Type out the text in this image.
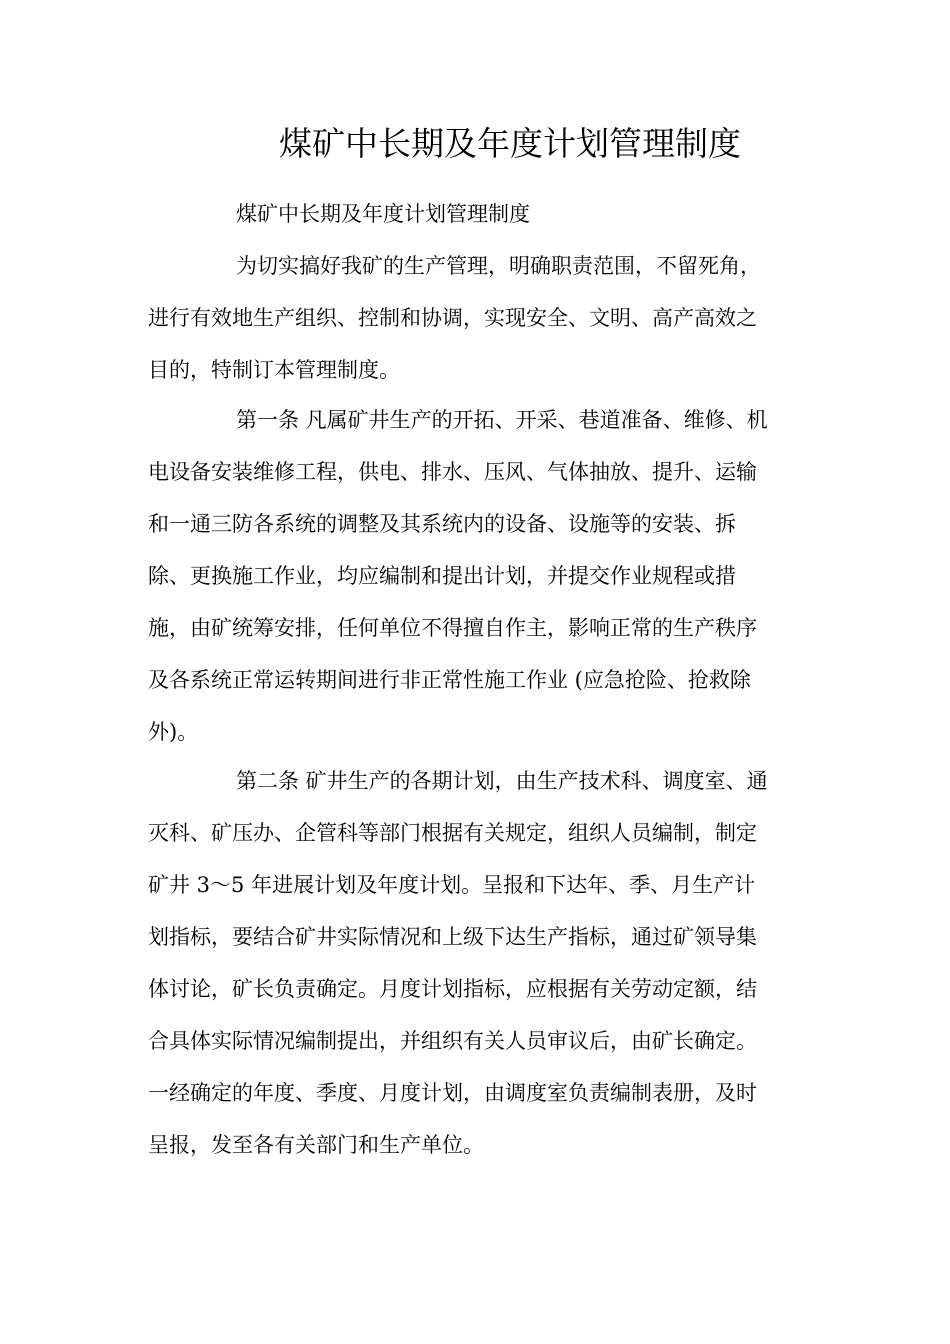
煤矿中长期及年度计划管理制度
煤矿中长期及年度计划管理制度
为切实搞好我矿的生产管理，明确职责范围，不留死角，
进行有效地生产组织、控制和协调，实现安全、文明、高产高效之
目的，特制订本管理制度。
第一条 凡属矿井生产的开拓、开采、巷道准备、维修、机
电设备安装维修工程，供电、排水、压风、气体抽放、提升、运输
和一通三防各系统的调整及其系统内的设备、设施等的安装、拆
除、更换施工作业，均应编制和提出计划，并提交作业规程或措
施，由矿统筹安排，任何单位不得擅自作主，影响正常的生产秩序
及各系统正常运转期间进行非正常性施工作业 (应急抢险、抢救除
外)。
第二条 矿井生产的各期计划，由生产技术科、调度室、通
灭科、矿压办、企管科等部门根据有关规定，组织人员编制，制定
矿井 3～5 年进展计划及年度计划。呈报和下达年、季、月生产计
划指标，要结合矿井实际情况和上级下达生产指标，通过矿领导集
体讨论，矿长负责确定。月度计划指标，应根据有关劳动定额，结
合具体实际情况编制提出，并组织有关人员审议后，由矿长确定。
一经确定的年度、季度、月度计划，由调度室负责编制表册，及时
呈报，发至各有关部门和生产单位。
